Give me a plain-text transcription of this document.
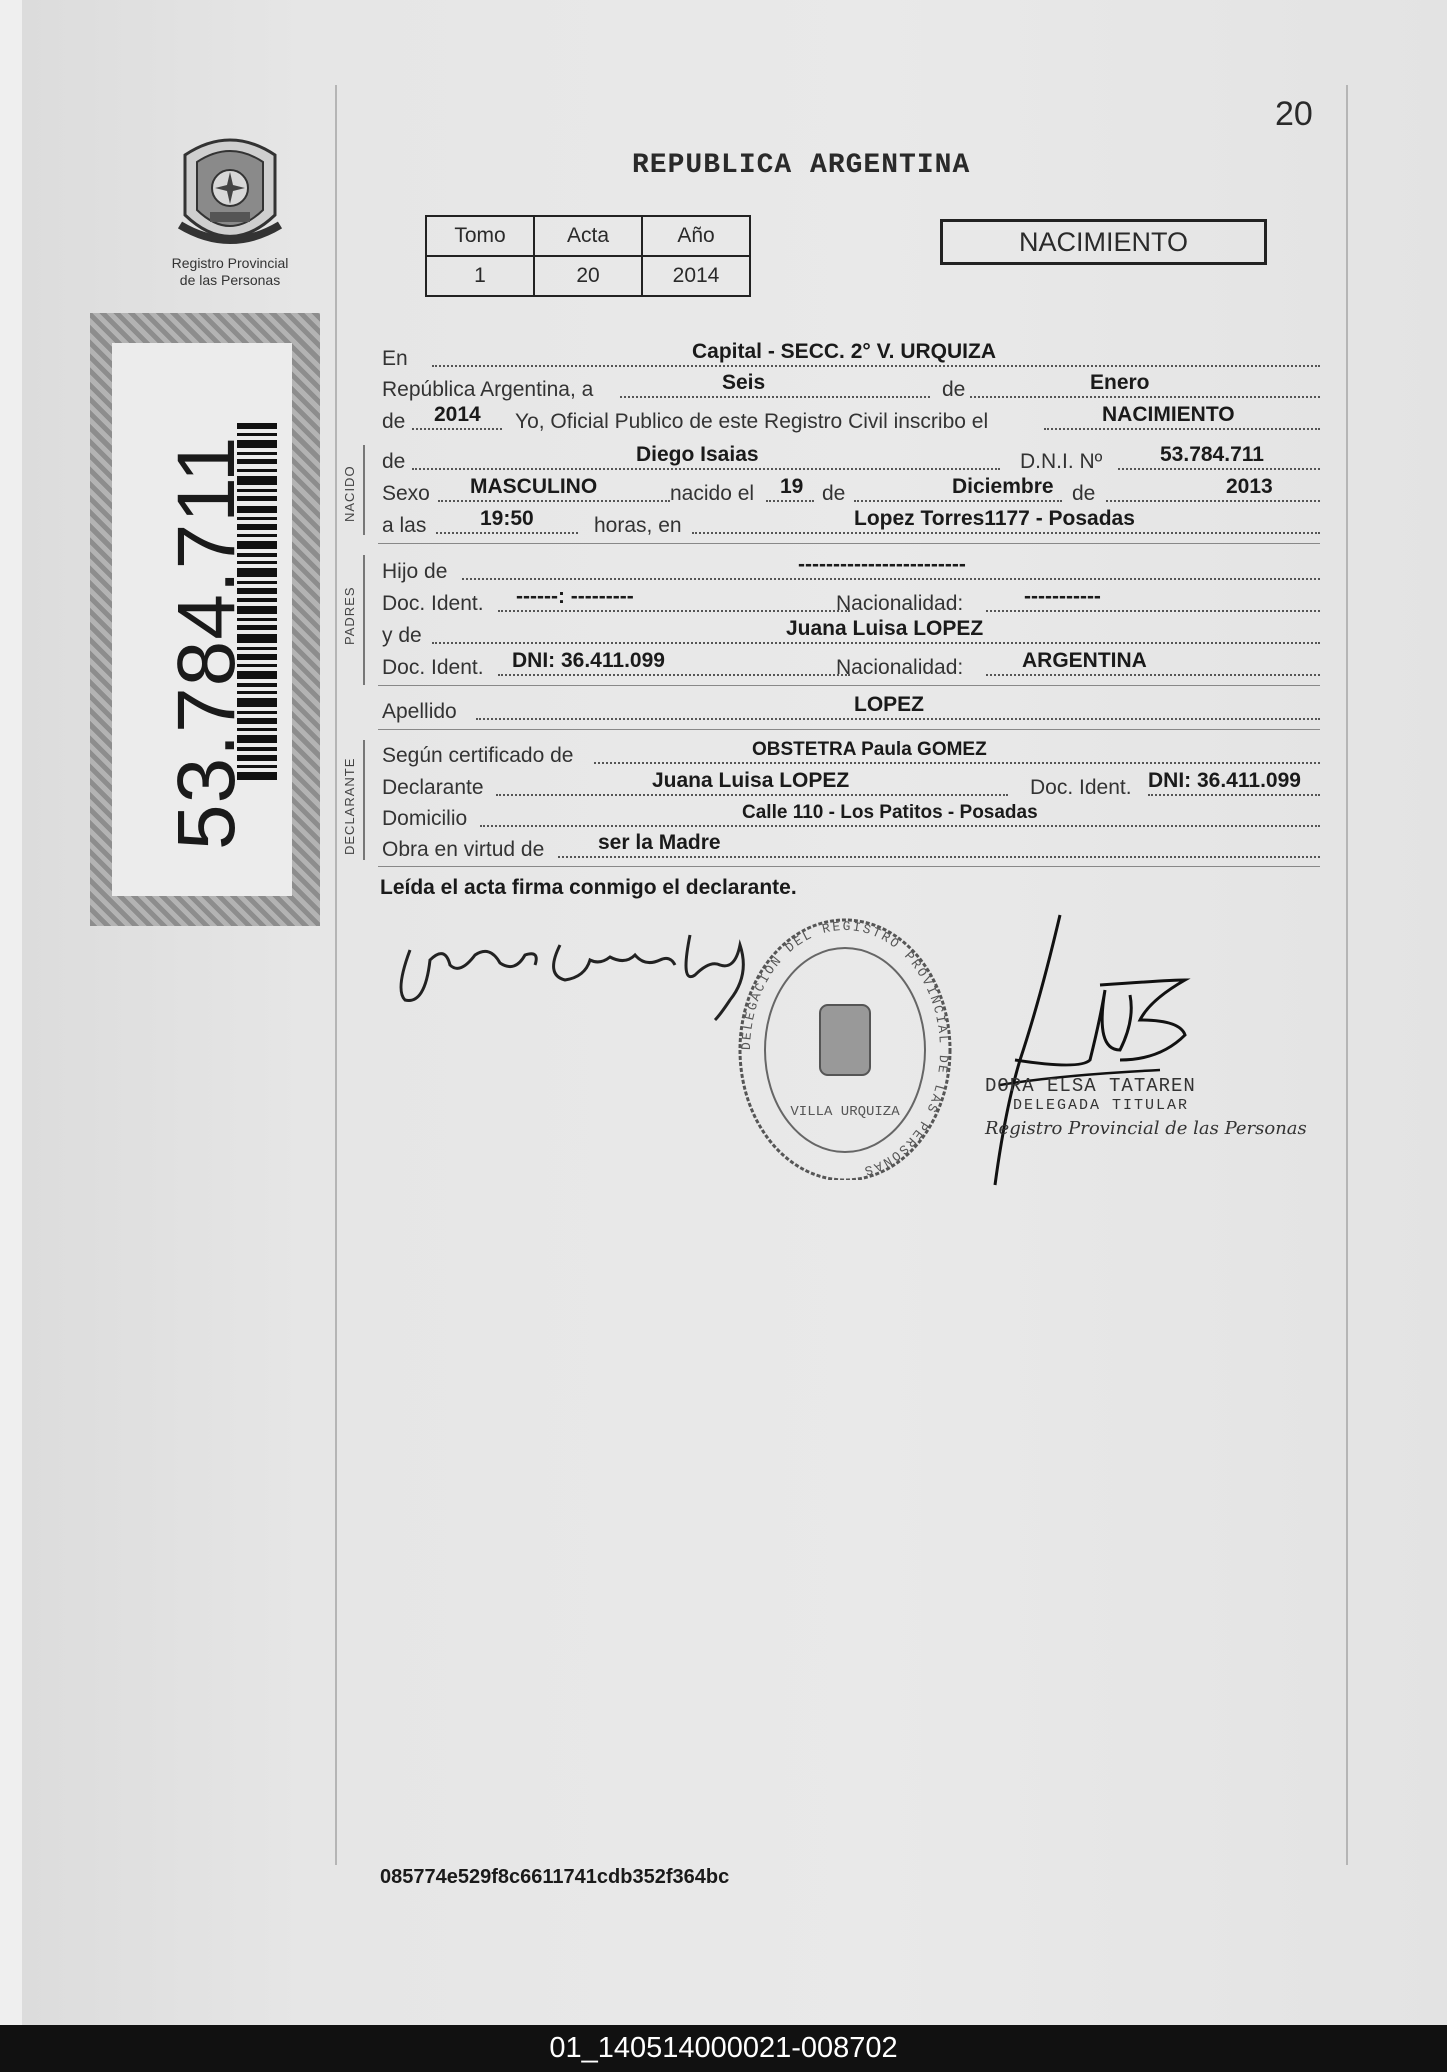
20
REPUBLICA ARGENTINA
Registro Provincial
de las Personas
Tomo	Acta	Año
1	20	2014
NACIMIENTO
53.784.711	NACIDO
PADRES
DECLARANTE
En	Capital - SECC. 2° V. URQUIZA
República Argentina, a	Seis	de	Enero
de 2014 Yo, Oficial Publico de este Registro Civil inscribo el	NACIMIENTO
de	Diego Isaias	D.N.I. Nº	53.784.711
Sexo MASCULINO	nacido el 19 de	Diciembre de	2013
a las	19:50	horas, en	Lopez Torres1177 - Posadas
Hijo de	------------------------
Doc. Ident. ------: ---------	Nacionalidad:	-----------
y de	Juana Luisa LOPEZ
Doc. Ident. DNI: 36.411.099	Nacionalidad:	ARGENTINA
Apellido	LOPEZ
Según certificado de	OBSTETRA Paula GOMEZ
Declarante	Juana Luisa LOPEZ	Doc. Ident. DNI: 36.411.099
Domicilio	Calle 110 - Los Patitos - Posadas
Obra en virtud de	ser la Madre
Leída el acta firma conmigo el declarante.
DELEGACION DEL REGISTRO PROVINCIAL DE LAS PERSONAS
VILLA URQUIZA
DORA ELSA TATAREN
DELEGADA TITULAR
Registro Provincial de las Personas
085774e529f8c6611741cdb352f364bc
01_140514000021-008702
